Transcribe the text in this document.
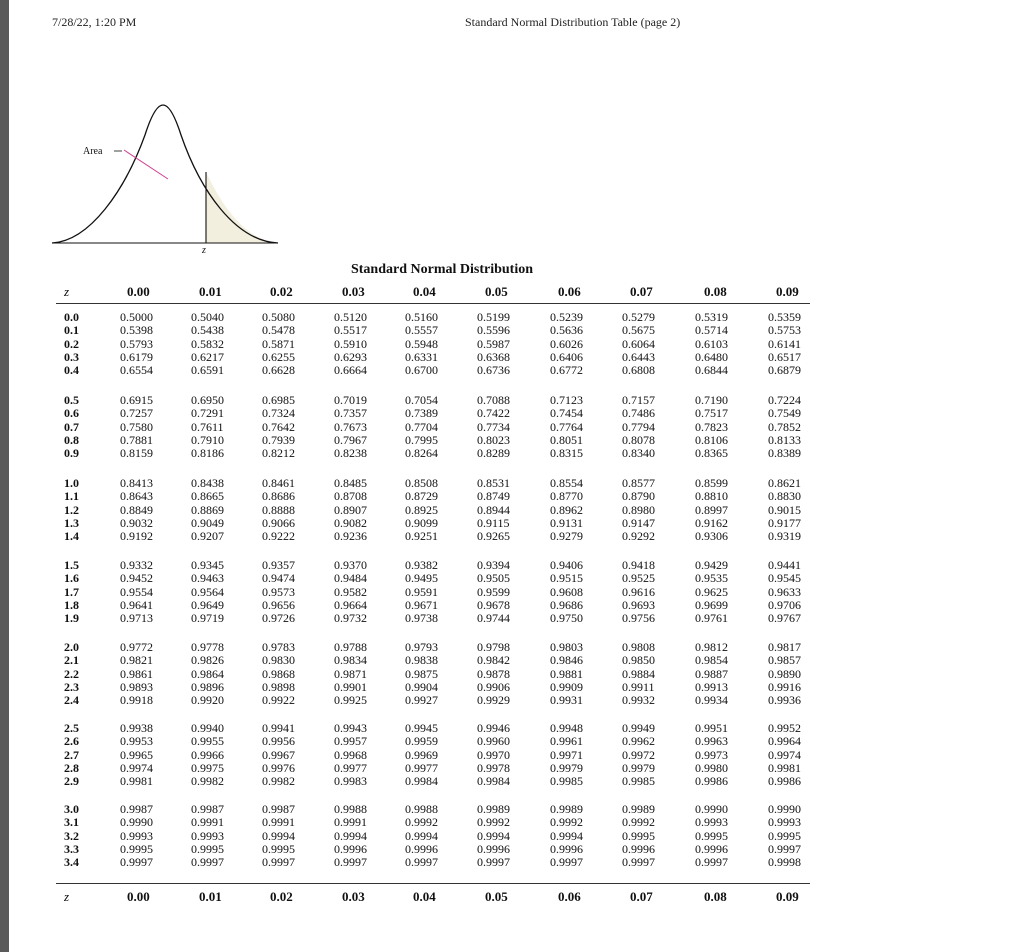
7/28/22, 1:20 PM	Standard Normal Distribution Table (page 2)
Area
z
Standard Normal Distribution
z	0.00	0.01	0.02	0.03	0.04	0.05	0.06	0.07	0.08	0.09
0.0	0.5000	0.5040	0.5080	0.5120	0.5160	0.5199	0.5239	0.5279	0.5319	0.5359
0.1	0.5398	0.5438	0.5478	0.5517	0.5557	0.5596	0.5636	0.5675	0.5714	0.5753
0.2	0.5793	0.5832	0.5871	0.5910	0.5948	0.5987	0.6026	0.6064	0.6103	0.6141
0.3	0.6179	0.6217	0.6255	0.6293	0.6331	0.6368	0.6406	0.6443	0.6480	0.6517
0.4	0.6554	0.6591	0.6628	0.6664	0.6700	0.6736	0.6772	0.6808	0.6844	0.6879
0.5	0.6915	0.6950	0.6985	0.7019	0.7054	0.7088	0.7123	0.7157	0.7190	0.7224
0.6	0.7257	0.7291	0.7324	0.7357	0.7389	0.7422	0.7454	0.7486	0.7517	0.7549
0.7	0.7580	0.7611	0.7642	0.7673	0.7704	0.7734	0.7764	0.7794	0.7823	0.7852
0.8	0.7881	0.7910	0.7939	0.7967	0.7995	0.8023	0.8051	0.8078	0.8106	0.8133
0.9	0.8159	0.8186	0.8212	0.8238	0.8264	0.8289	0.8315	0.8340	0.8365	0.8389
1.0	0.8413	0.8438	0.8461	0.8485	0.8508	0.8531	0.8554	0.8577	0.8599	0.8621
1.1	0.8643	0.8665	0.8686	0.8708	0.8729	0.8749	0.8770	0.8790	0.8810	0.8830
1.2	0.8849	0.8869	0.8888	0.8907	0.8925	0.8944	0.8962	0.8980	0.8997	0.9015
1.3	0.9032	0.9049	0.9066	0.9082	0.9099	0.9115	0.9131	0.9147	0.9162	0.9177
1.4	0.9192	0.9207	0.9222	0.9236	0.9251	0.9265	0.9279	0.9292	0.9306	0.9319
1.5	0.9332	0.9345	0.9357	0.9370	0.9382	0.9394	0.9406	0.9418	0.9429	0.9441
1.6	0.9452	0.9463	0.9474	0.9484	0.9495	0.9505	0.9515	0.9525	0.9535	0.9545
1.7	0.9554	0.9564	0.9573	0.9582	0.9591	0.9599	0.9608	0.9616	0.9625	0.9633
1.8	0.9641	0.9649	0.9656	0.9664	0.9671	0.9678	0.9686	0.9693	0.9699	0.9706
1.9	0.9713	0.9719	0.9726	0.9732	0.9738	0.9744	0.9750	0.9756	0.9761	0.9767
2.0	0.9772	0.9778	0.9783	0.9788	0.9793	0.9798	0.9803	0.9808	0.9812	0.9817
2.1	0.9821	0.9826	0.9830	0.9834	0.9838	0.9842	0.9846	0.9850	0.9854	0.9857
2.2	0.9861	0.9864	0.9868	0.9871	0.9875	0.9878	0.9881	0.9884	0.9887	0.9890
2.3	0.9893	0.9896	0.9898	0.9901	0.9904	0.9906	0.9909	0.9911	0.9913	0.9916
2.4	0.9918	0.9920	0.9922	0.9925	0.9927	0.9929	0.9931	0.9932	0.9934	0.9936
2.5	0.9938	0.9940	0.9941	0.9943	0.9945	0.9946	0.9948	0.9949	0.9951	0.9952
2.6	0.9953	0.9955	0.9956	0.9957	0.9959	0.9960	0.9961	0.9962	0.9963	0.9964
2.7	0.9965	0.9966	0.9967	0.9968	0.9969	0.9970	0.9971	0.9972	0.9973	0.9974
2.8	0.9974	0.9975	0.9976	0.9977	0.9977	0.9978	0.9979	0.9979	0.9980	0.9981
2.9	0.9981	0.9982	0.9982	0.9983	0.9984	0.9984	0.9985	0.9985	0.9986	0.9986
3.0	0.9987	0.9987	0.9987	0.9988	0.9988	0.9989	0.9989	0.9989	0.9990	0.9990
3.1	0.9990	0.9991	0.9991	0.9991	0.9992	0.9992	0.9992	0.9992	0.9993	0.9993
3.2	0.9993	0.9993	0.9994	0.9994	0.9994	0.9994	0.9994	0.9995	0.9995	0.9995
3.3	0.9995	0.9995	0.9995	0.9996	0.9996	0.9996	0.9996	0.9996	0.9996	0.9997
3.4	0.9997	0.9997	0.9997	0.9997	0.9997	0.9997	0.9997	0.9997	0.9997	0.9998
z	0.00	0.01	0.02	0.03	0.04	0.05	0.06	0.07	0.08	0.09
